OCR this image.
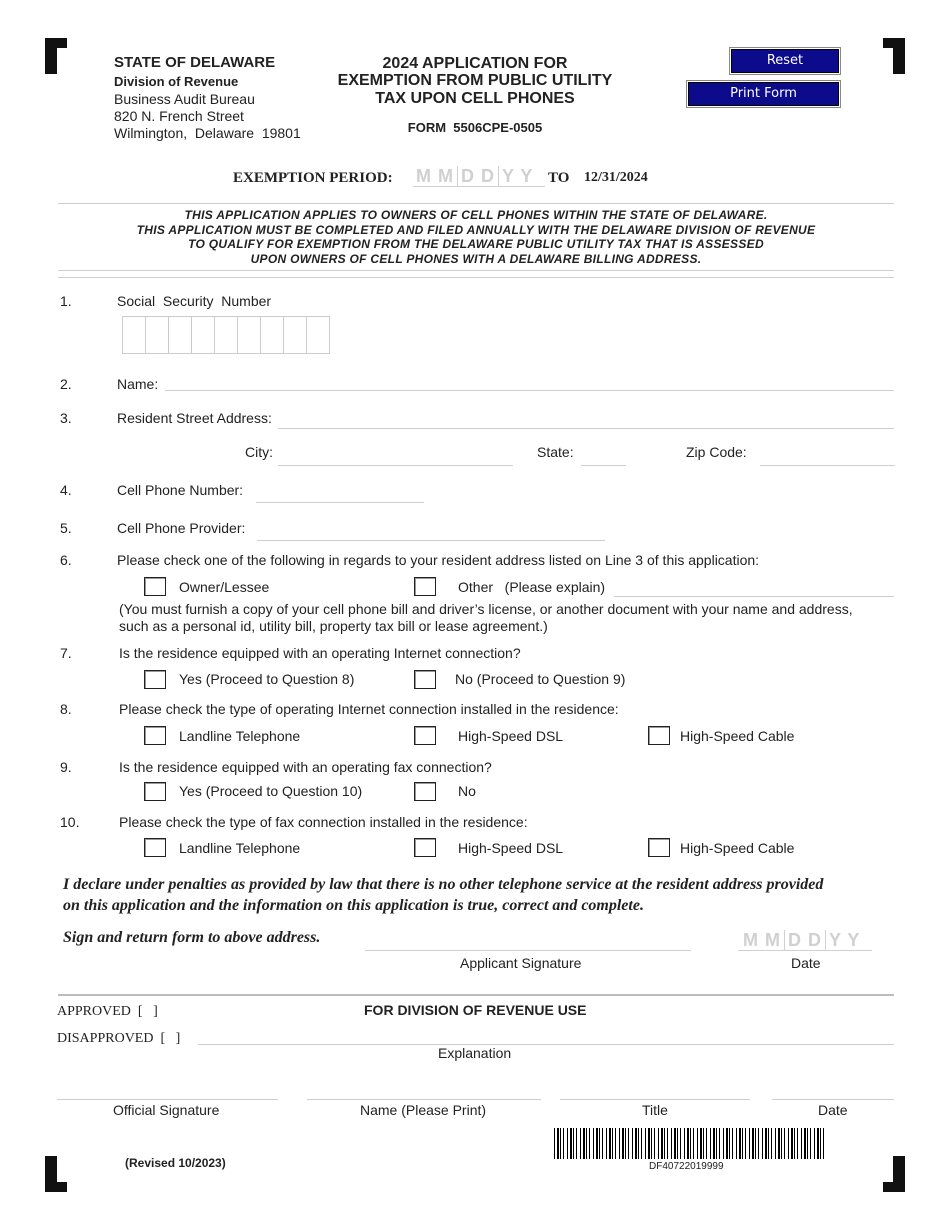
STATE OF DELAWARE
Division of Revenue
Business Audit Bureau
820 N. French Street
Wilmington,  Delaware  19801
2024 APPLICATION FOR
EXEMPTION FROM PUBLIC UTILITY
TAX UPON CELL PHONES
FORM  5506CPE-0505
Reset
Print Form
EXEMPTION PERIOD: M M D D Y Y TO 12/31/2024
THIS APPLICATION APPLIES TO OWNERS OF CELL PHONES WITHIN THE STATE OF DELAWARE.
THIS APPLICATION MUST BE COMPLETED AND FILED ANNUALLY WITH THE DELAWARE DIVISION OF REVENUE
TO QUALIFY FOR EXEMPTION FROM THE DELAWARE PUBLIC UTILITY TAX THAT IS ASSESSED
UPON OWNERS OF CELL PHONES WITH A DELAWARE BILLING ADDRESS.
1.	Social  Security  Number
2.	Name:
3.	Resident Street Address:
City:	State:	Zip Code:
4.	Cell Phone Number:
5.	Cell Phone Provider:
6.	Please check one of the following in regards to your resident address listed on Line 3 of this application:
Owner/Lessee	Other   (Please explain)
(You must furnish a copy of your cell phone bill and driver’s license, or another document with your name and address,
such as a personal id, utility bill, property tax bill or lease agreement.)
7.	Is the residence equipped with an operating Internet connection?
Yes (Proceed to Question 8)	No (Proceed to Question 9)
8.	Please check the type of operating Internet connection installed in the residence:
Landline Telephone	High-Speed DSL	High-Speed Cable
9.	Is the residence equipped with an operating fax connection?
Yes (Proceed to Question 10)	No
10.	Please check the type of fax connection installed in the residence:
Landline Telephone	High-Speed DSL	High-Speed Cable
I declare under penalties as provided by law that there is no other telephone service at the resident address provided
on this application and the information on this application is true, correct and complete.
Sign and return form to above address.
Applicant Signature
M M D D Y Y
Date
APPROVED  [   ]	FOR DIVISION OF REVENUE USE
DISAPPROVED  [   ]
Explanation
Official Signature	Name (Please Print)	Title	Date
(Revised 10/2023)	DF40722019999
